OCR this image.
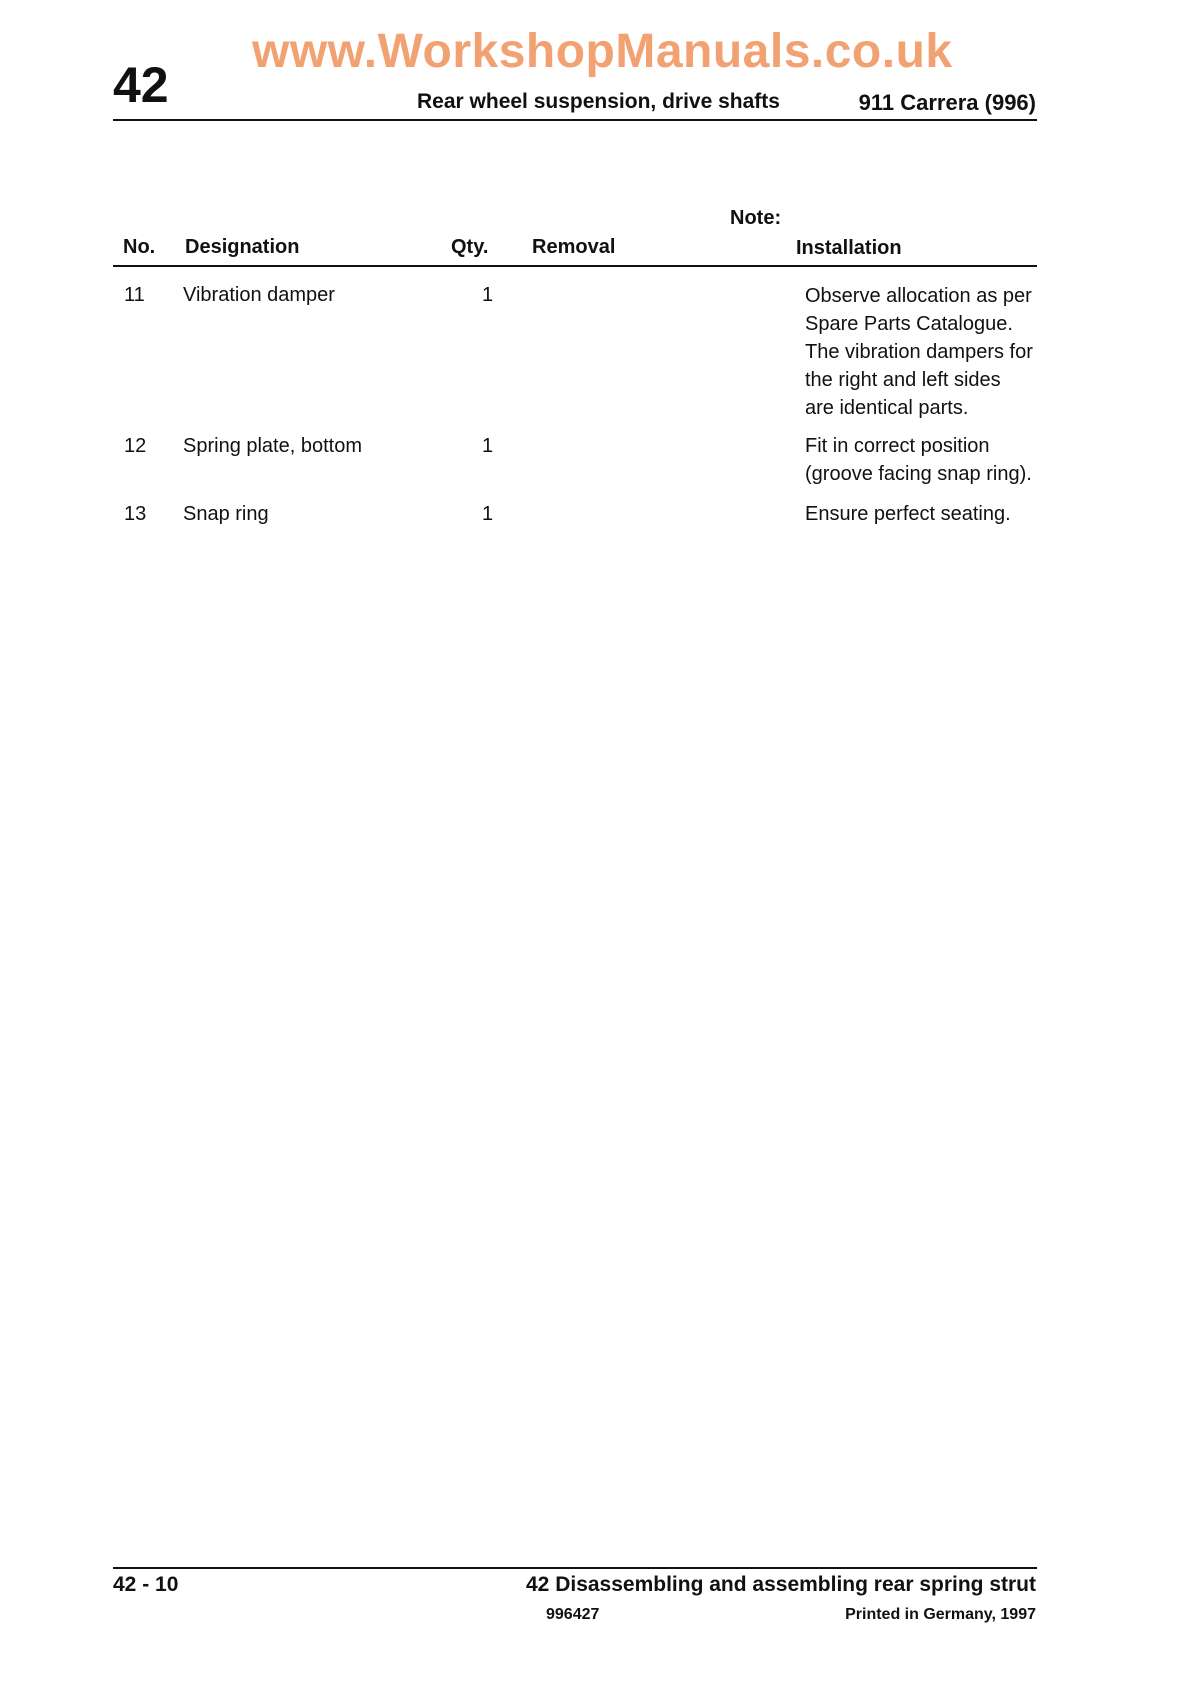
www.WorkshopManuals.co.uk
42	Rear wheel suspension, drive shafts	911 Carrera (996)
Note:
No. Designation	Qty. Removal	Installation
11 Vibration damper	1	Observe allocation as per
Spare Parts Catalogue.
The vibration dampers for
the right and left sides
are identical parts.
12 Spring plate, bottom	1	Fit in correct position
(groove facing snap ring).
13 Snap ring	1	Ensure perfect seating.
42 - 10	42 Disassembling and assembling rear spring strut
996427	Printed in Germany, 1997
